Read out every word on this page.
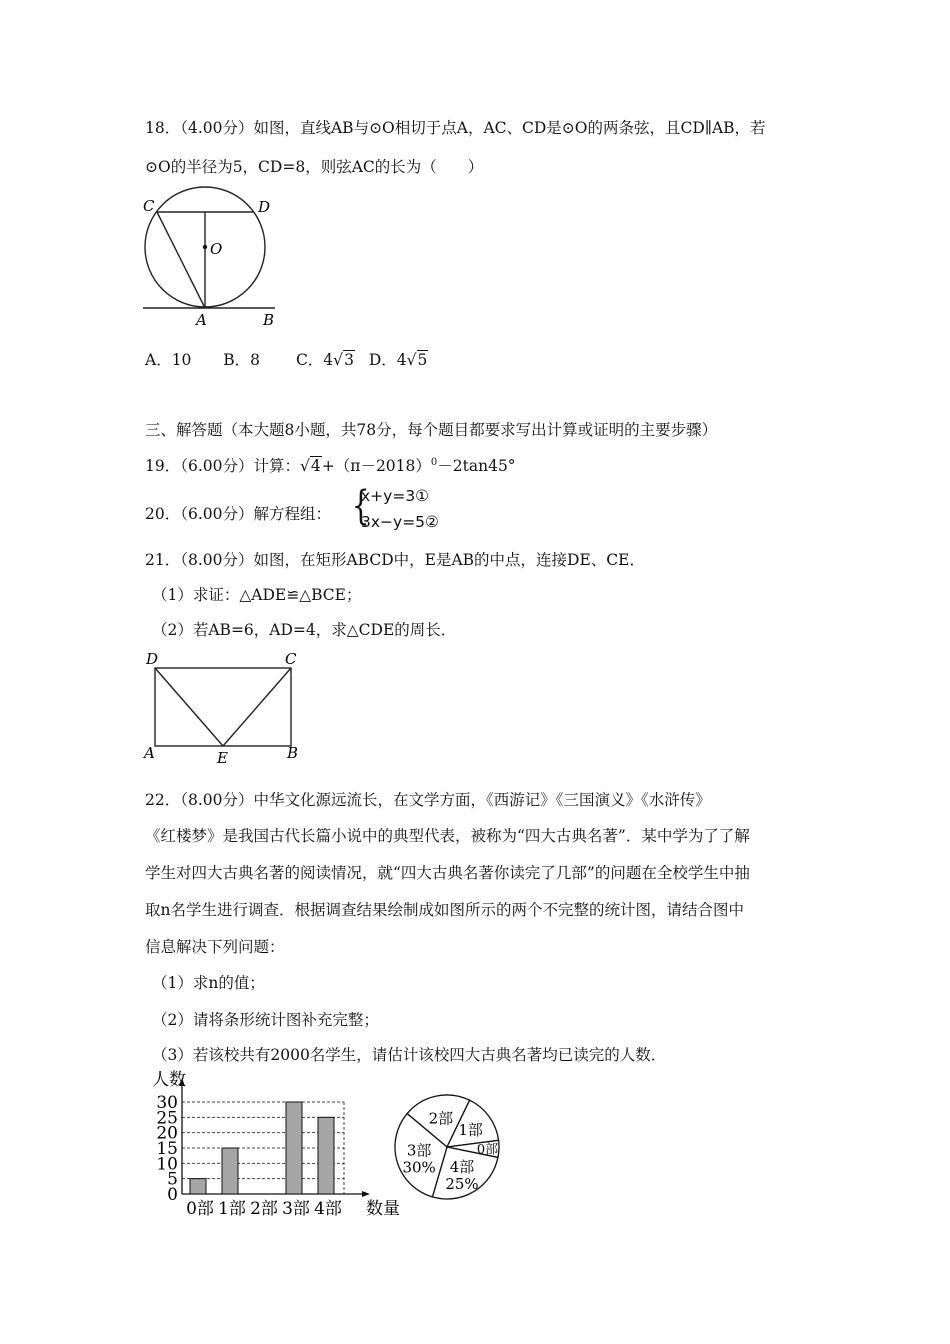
18．（4.00分）如图，直线AB与⊙O相切于点A，AC、CD是⊙O的两条弦，且CD∥AB，若
⊙O的半径为5，CD=8，则弦AC的长为（　　）
C	D
O
A	B
A．10 B．8 C．4√3 D．4√5
三、解答题（本大题8小题，共78分，每个题目都要求写出计算或证明的主要步骤）
19．（6.00分）计算：$√4+(\pi-2018)^0-2\tan 45^\circ$
20．（6.00分）解方程组： {
x+y=3①
3x−y=5②
21．（8.00分）如图，在矩形ABCD中，E是AB的中点，连接DE、CE．
（1）求证：△ADE≌△BCE；
（2）若AB=6，AD=4，求△CDE的周长．
D	C
A	E	B
22．（8.00分）中华文化源远流长，在文学方面，《西游记》《三国演义》《水浒传》
《红楼梦》是我国古代长篇小说中的典型代表，被称为“四大古典名著”．某中学为了了解
学生对四大古典名著的阅读情况，就“四大古典名著你读完了几部”的问题在全校学生中抽
取n名学生进行调查．根据调查结果绘制成如图所示的两个不完整的统计图，请结合图中
信息解决下列问题：
（1）求n的值；
（2）请将条形统计图补充完整；
（3）若该校共有2000名学生，请估计该校四大古典名著均已读完的人数．
0
5
10
15
20
25
30
人数
数量
0部 1部 2部 3部 4部
2部
1部
0部
4部
25%
3部
30%
